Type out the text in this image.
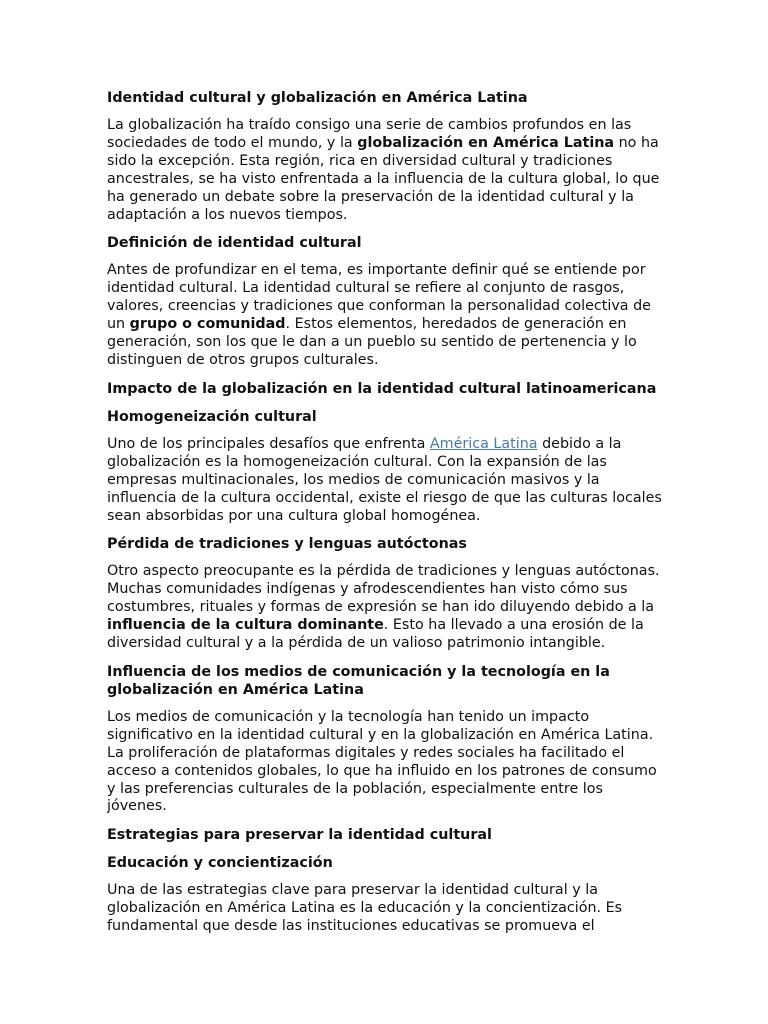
Identidad cultural y globalización en América Latina
La globalización ha traído consigo una serie de cambios profundos en las sociedades de todo el mundo, y la globalización en América Latina no ha sido la excepción. Esta región, rica en diversidad cultural y tradiciones ancestrales, se ha visto enfrentada a la influencia de la cultura global, lo que ha generado un debate sobre la preservación de la identidad cultural y la adaptación a los nuevos tiempos.
Definición de identidad cultural
Antes de profundizar en el tema, es importante definir qué se entiende por identidad cultural. La identidad cultural se refiere al conjunto de rasgos, valores, creencias y tradiciones que conforman la personalidad colectiva de un grupo o comunidad. Estos elementos, heredados de generación en generación, son los que le dan a un pueblo su sentido de pertenencia y lo distinguen de otros grupos culturales.
Impacto de la globalización en la identidad cultural latinoamericana
Homogeneización cultural
Uno de los principales desafíos que enfrenta América Latina debido a la globalización es la homogeneización cultural. Con la expansión de las empresas multinacionales, los medios de comunicación masivos y la influencia de la cultura occidental, existe el riesgo de que las culturas locales sean absorbidas por una cultura global homogénea.
Pérdida de tradiciones y lenguas autóctonas
Otro aspecto preocupante es la pérdida de tradiciones y lenguas autóctonas. Muchas comunidades indígenas y afrodescendientes han visto cómo sus costumbres, rituales y formas de expresión se han ido diluyendo debido a la influencia de la cultura dominante. Esto ha llevado a una erosión de la diversidad cultural y a la pérdida de un valioso patrimonio intangible.
Influencia de los medios de comunicación y la tecnología en la globalización en América Latina
Los medios de comunicación y la tecnología han tenido un impacto significativo en la identidad cultural y en la globalización en América Latina. La proliferación de plataformas digitales y redes sociales ha facilitado el acceso a contenidos globales, lo que ha influido en los patrones de consumo y las preferencias culturales de la población, especialmente entre los jóvenes.
Estrategias para preservar la identidad cultural
Educación y concientización
Una de las estrategias clave para preservar la identidad cultural y la globalización en América Latina es la educación y la concientización. Es fundamental que desde las instituciones educativas se promueva el
